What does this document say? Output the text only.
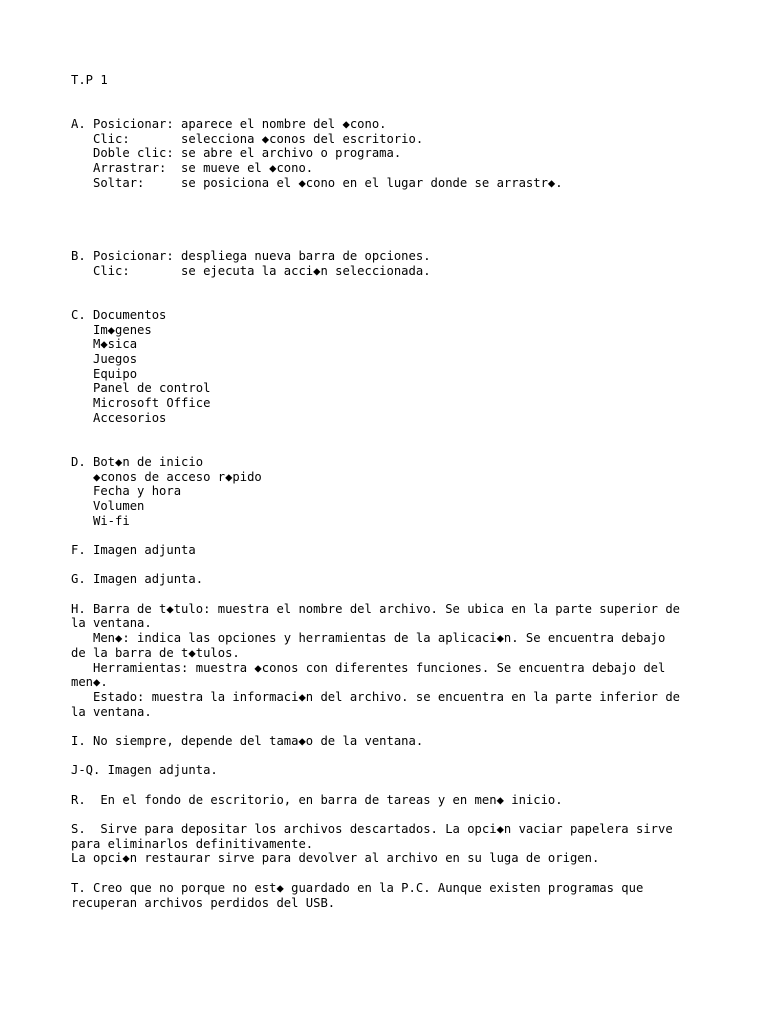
T.P 1
A. Posicionar: aparece el nombre del ◆cono.
Clic:       selecciona ◆conos del escritorio.
Doble clic: se abre el archivo o programa.
Arrastrar:  se mueve el ◆cono.
Soltar:     se posiciona el ◆cono en el lugar donde se arrastr◆.
B. Posicionar: despliega nueva barra de opciones.
Clic:       se ejecuta la acci◆n seleccionada.
C. Documentos
Im◆genes
M◆sica
Juegos
Equipo
Panel de control
Microsoft Office
Accesorios
D. Bot◆n de inicio
◆conos de acceso r◆pido
Fecha y hora
Volumen
Wi-fi
F. Imagen adjunta
G. Imagen adjunta.
H. Barra de t◆tulo: muestra el nombre del archivo. Se ubica en la parte superior de
la ventana.
Men◆: indica las opciones y herramientas de la aplicaci◆n. Se encuentra debajo
de la barra de t◆tulos.
Herramientas: muestra ◆conos con diferentes funciones. Se encuentra debajo del
men◆.
Estado: muestra la informaci◆n del archivo. se encuentra en la parte inferior de
la ventana.
I. No siempre, depende del tama◆o de la ventana.
J-Q. Imagen adjunta.
R.  En el fondo de escritorio, en barra de tareas y en men◆ inicio.
S.  Sirve para depositar los archivos descartados. La opci◆n vaciar papelera sirve
para eliminarlos definitivamente.
La opci◆n restaurar sirve para devolver al archivo en su luga de origen.
T. Creo que no porque no est◆ guardado en la P.C. Aunque existen programas que
recuperan archivos perdidos del USB.
